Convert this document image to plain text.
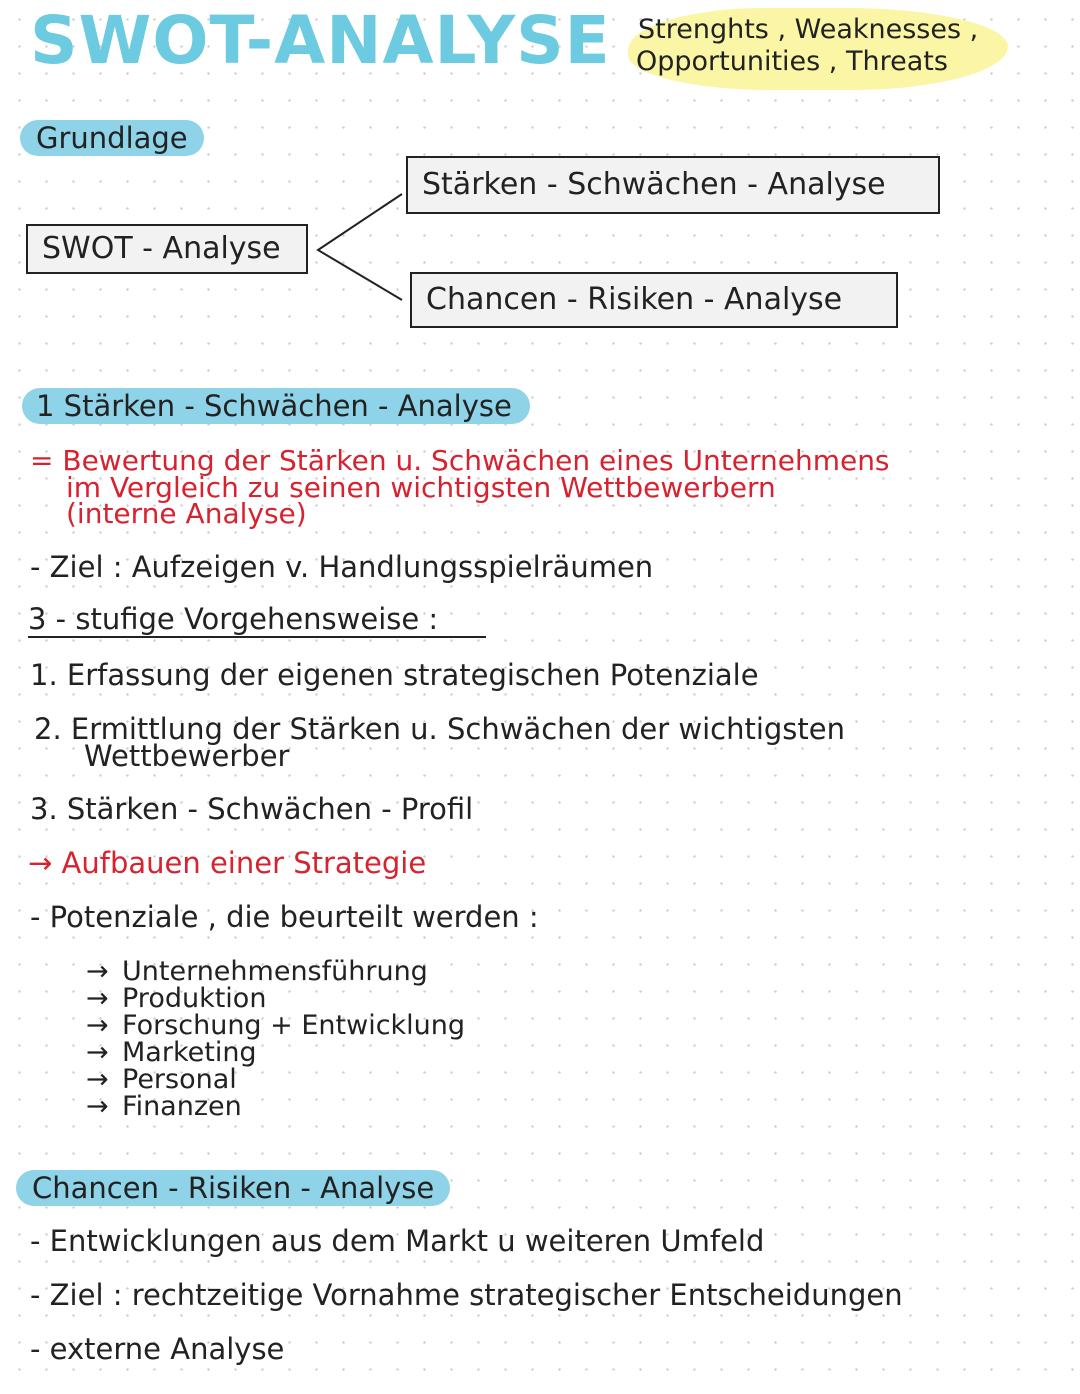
SWOT-ANALYSE Strenghts , Weaknesses ,
Opportunities , Threats
Grundlage
SWOT - Analyse
Stärken - Schwächen - Analyse
Chancen - Risiken - Analyse
1 Stärken - Schwächen - Analyse
= Bewertung der Stärken u. Schwächen eines Unternehmens
im Vergleich zu seinen wichtigsten Wettbewerbern
(interne Analyse)
- Ziel : Aufzeigen v. Handlungsspielräumen
3 - stufige Vorgehensweise :
1. Erfassung der eigenen strategischen Potenziale
2. Ermittlung der Stärken u. Schwächen der wichtigsten
Wettbewerber
3. Stärken - Schwächen - Profil
→ Aufbauen einer Strategie
- Potenziale , die beurteilt werden :
→ Unternehmensführung
→ Produktion
→ Forschung + Entwicklung
→ Marketing
→ Personal
→ Finanzen
Chancen - Risiken - Analyse
- Entwicklungen aus dem Markt u weiteren Umfeld
- Ziel : rechtzeitige Vornahme strategischer Entscheidungen
- externe Analyse
